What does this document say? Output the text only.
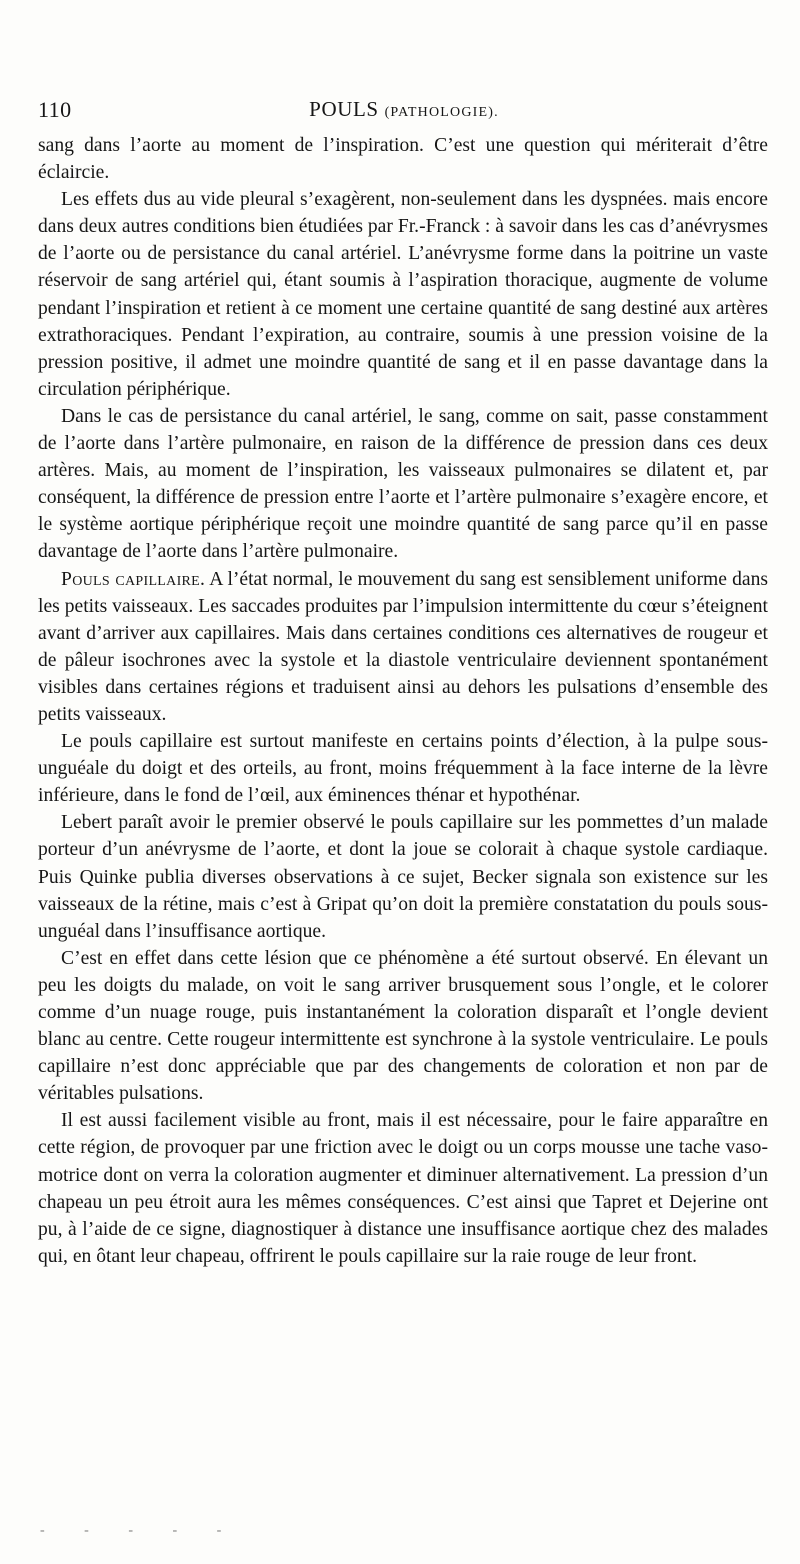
110	POULS (PATHOLOGIE).

sang dans l’aorte au moment de l’inspiration. C’est une question qui mériterait d’être éclaircie.

Les effets dus au vide pleural s’exagèrent, non-seulement dans les dyspnées. mais encore dans deux autres conditions bien étudiées par Fr.-Franck : à savoir dans les cas d’anévrysmes de l’aorte ou de persistance du canal artériel. L’anévrysme forme dans la poitrine un vaste réservoir de sang artériel qui, étant soumis à l’aspiration thoracique, augmente de volume pendant l’inspiration et retient à ce moment une certaine quantité de sang destiné aux artères extrathoraciques. Pendant l’expiration, au contraire, soumis à une pression voisine de la pression positive, il admet une moindre quantité de sang et il en passe davantage dans la circulation périphérique.

Dans le cas de persistance du canal artériel, le sang, comme on sait, passe constamment de l’aorte dans l’artère pulmonaire, en raison de la différence de pression dans ces deux artères. Mais, au moment de l’inspiration, les vaisseaux pulmonaires se dilatent et, par conséquent, la différence de pression entre l’aorte et l’artère pulmonaire s’exagère encore, et le système aortique périphérique reçoit une moindre quantité de sang parce qu’il en passe davantage de l’aorte dans l’artère pulmonaire.

Pouls capillaire. A l’état normal, le mouvement du sang est sensiblement uniforme dans les petits vaisseaux. Les saccades produites par l’impulsion intermittente du cœur s’éteignent avant d’arriver aux capillaires. Mais dans certaines conditions ces alternatives de rougeur et de pâleur isochrones avec la systole et la diastole ventriculaire deviennent spontanément visibles dans certaines régions et traduisent ainsi au dehors les pulsations d’ensemble des petits vaisseaux.

Le pouls capillaire est surtout manifeste en certains points d’élection, à la pulpe sous-unguéale du doigt et des orteils, au front, moins fréquemment à la face interne de la lèvre inférieure, dans le fond de l’œil, aux éminences thénar et hypothénar.

Lebert paraît avoir le premier observé le pouls capillaire sur les pommettes d’un malade porteur d’un anévrysme de l’aorte, et dont la joue se colorait à chaque systole cardiaque. Puis Quinke publia diverses observations à ce sujet, Becker signala son existence sur les vaisseaux de la rétine, mais c’est à Gripat qu’on doit la première constatation du pouls sous-unguéal dans l’insuffisance aortique.

C’est en effet dans cette lésion que ce phénomène a été surtout observé. En élevant un peu les doigts du malade, on voit le sang arriver brusquement sous l’ongle, et le colorer comme d’un nuage rouge, puis instantanément la coloration disparaît et l’ongle devient blanc au centre. Cette rougeur intermittente est synchrone à la systole ventriculaire. Le pouls capillaire n’est donc appréciable que par des changements de coloration et non par de véritables pulsations.

Il est aussi facilement visible au front, mais il est nécessaire, pour le faire apparaître en cette région, de provoquer par une friction avec le doigt ou un corps mousse une tache vaso-motrice dont on verra la coloration augmenter et diminuer alternativement. La pression d’un chapeau un peu étroit aura les mêmes conséquences. C’est ainsi que Tapret et Dejerine ont pu, à l’aide de ce signe, diagnostiquer à distance une insuffisance aortique chez des malades qui, en ôtant leur chapeau, offrirent le pouls capillaire sur la raie rouge de leur front.

- - - - -
